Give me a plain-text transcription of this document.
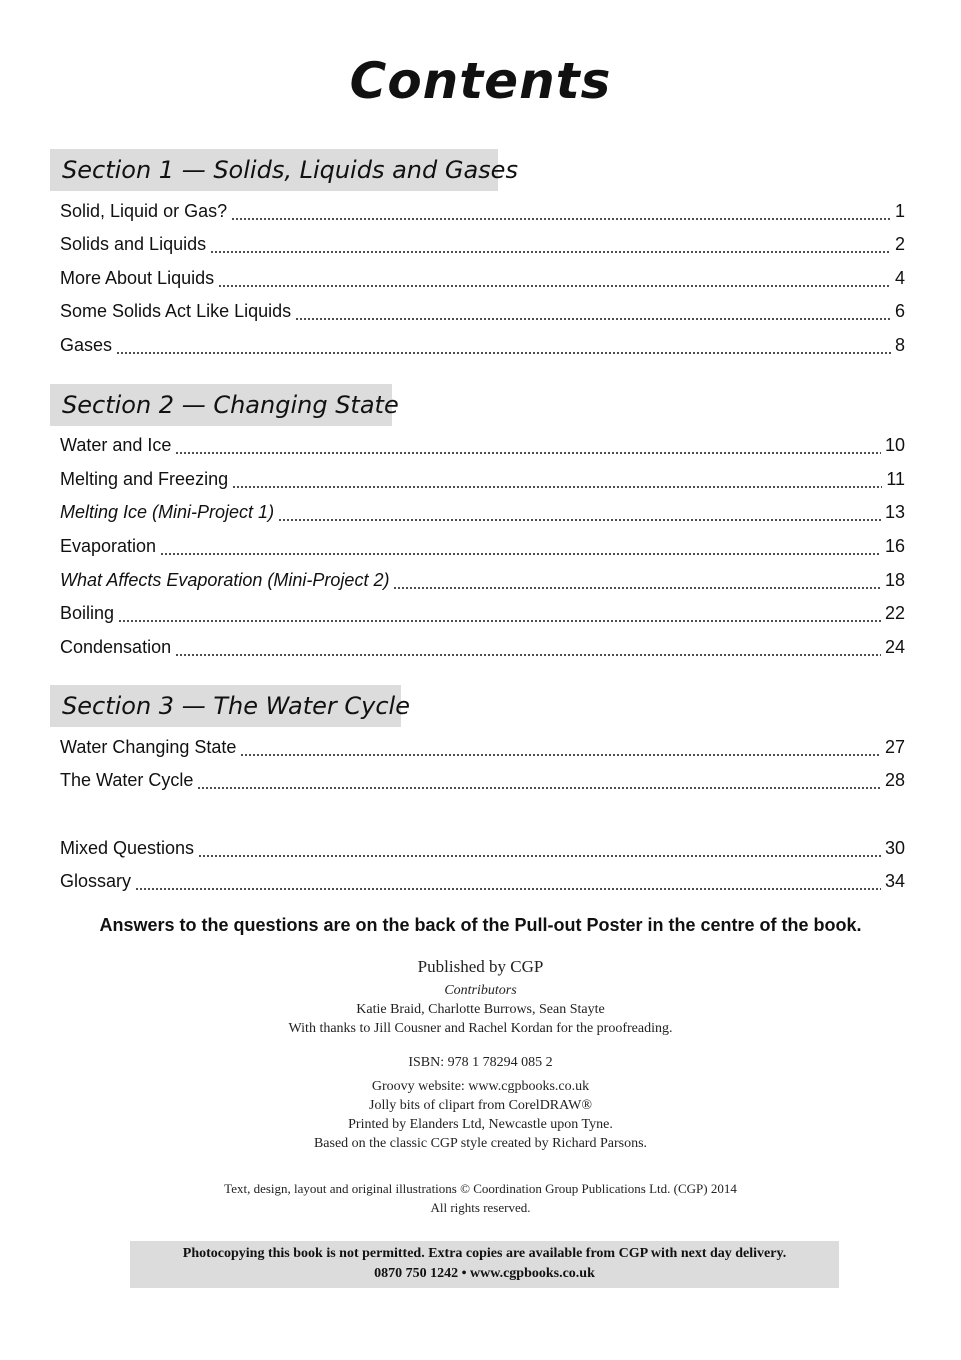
Contents
Section 1 — Solids, Liquids and Gases
Solid, Liquid or Gas?	1
Solids and Liquids	2
More About Liquids	4
Some Solids Act Like Liquids	6
Gases	8
Section 2 — Changing State
Water and Ice	10
Melting and Freezing	11
Melting Ice (Mini-Project 1)	13
Evaporation	16
What Affects Evaporation (Mini-Project 2)	18
Boiling	22
Condensation	24
Section 3 — The Water Cycle
Water Changing State	27
The Water Cycle	28
Mixed Questions	30
Glossary	34
Answers to the questions are on the back of the Pull-out Poster in the centre of the book.
Published by CGP
Contributors
Katie Braid, Charlotte Burrows, Sean Stayte
With thanks to Jill Cousner and Rachel Kordan for the proofreading.
ISBN: 978 1 78294 085 2
Groovy website: www.cgpbooks.co.uk
Jolly bits of clipart from CorelDRAW®
Printed by Elanders Ltd, Newcastle upon Tyne.
Based on the classic CGP style created by Richard Parsons.
Text, design, layout and original illustrations © Coordination Group Publications Ltd. (CGP) 2014
All rights reserved.
Photocopying this book is not permitted. Extra copies are available from CGP with next day delivery.
0870 750 1242 • www.cgpbooks.co.uk
